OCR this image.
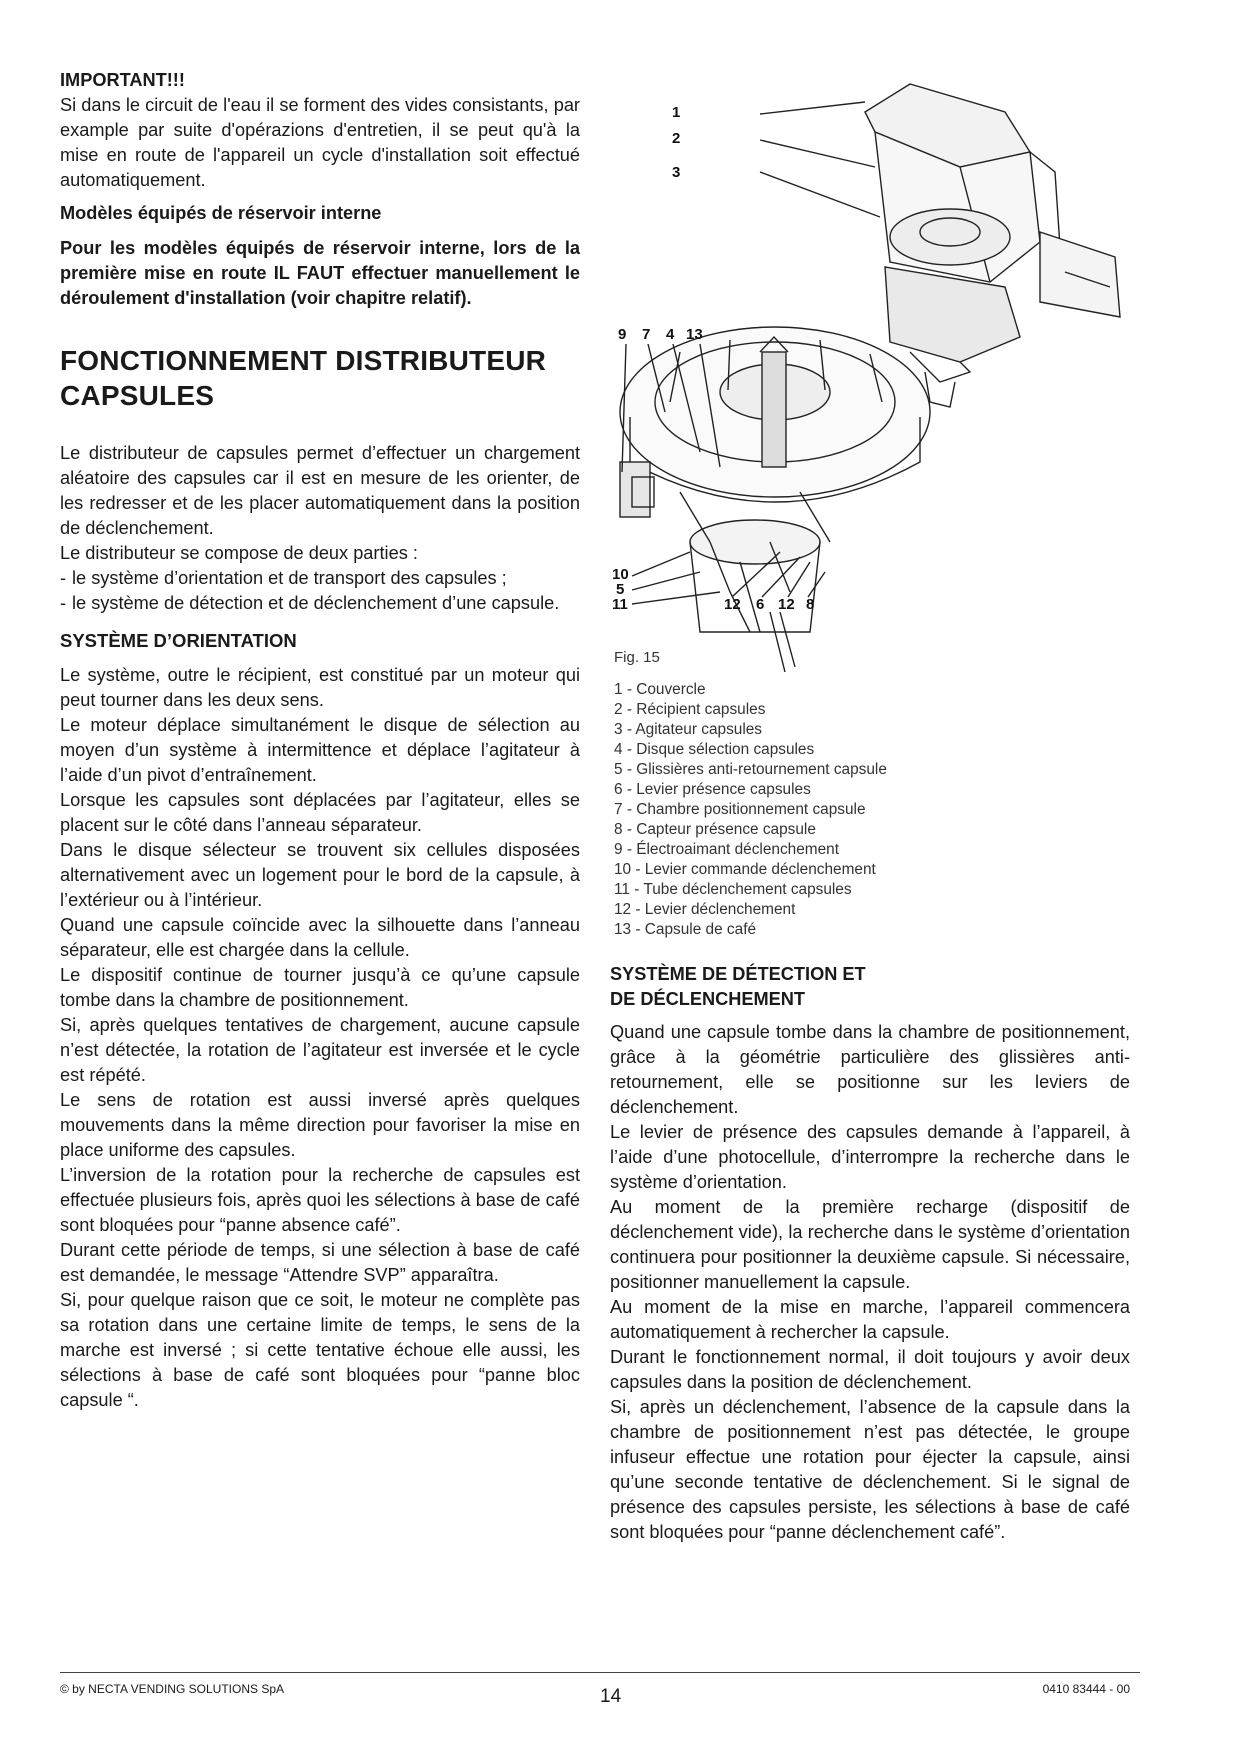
IMPORTANT!!!

Si dans le circuit de l'eau il se forment des vides consistants, par example par suite d'opérazions d'entretien, il se peut qu'à la mise en route de l'appareil un cycle d'installation soit effectué automatiquement.

Modèles équipés de réservoir interne

Pour les modèles équipés de réservoir interne, lors de la première mise en route IL FAUT effectuer manuellement le déroulement d'installation (voir chapitre relatif).

FONCTIONNEMENT DISTRIBUTEUR CAPSULES

Le distributeur de capsules permet d’effectuer un chargement aléatoire des capsules car il est en mesure de les orienter, de les redresser et de les placer automatiquement dans la position de déclenchement.

Le distributeur se compose de deux parties :

- le système d’orientation et de transport des capsules ;
- le système de détection et de déclenchement d’une capsule.
SYSTÈME D’ORIENTATION

Le système, outre le récipient, est constitué par un moteur qui peut tourner dans les deux sens.

Le moteur déplace simultanément le disque de sélection au moyen d’un système à intermittence et déplace l’agitateur à l’aide d’un pivot d’entraînement.

Lorsque les capsules sont déplacées par l’agitateur, elles se placent sur le côté dans l’anneau séparateur.

Dans le disque sélecteur se trouvent six cellules disposées alternativement avec un logement pour le bord de la capsule, à l’extérieur ou à l’intérieur.

Quand une capsule coïncide avec la silhouette dans l’anneau séparateur, elle est chargée dans la cellule.

Le dispositif continue de tourner jusqu’à ce qu’une capsule tombe dans la chambre de positionnement.

Si, après quelques tentatives de chargement, aucune capsule n’est détectée, la rotation de l’agitateur est inversée et le cycle est répété.

Le sens de rotation est aussi inversé après quelques mouvements dans la même direction pour favoriser la mise en place uniforme des capsules.

L’inversion de la rotation pour la recherche de capsules est effectuée plusieurs fois, après quoi les sélections à base de café sont bloquées pour “panne absence café”.

Durant cette période de temps, si une sélection à base de café est demandée, le message “Attendre SVP” apparaîtra.

Si, pour quelque raison que ce soit, le moteur ne complète pas sa rotation dans une certaine limite de temps, le sens de la marche est inversé ; si cette tentative échoue elle aussi, les sélections à base de café sont bloquées pour “panne bloc capsule “.

1
2
3
9 7 4 13
10
5
11	12 6 12 8
Fig. 15
1 - Couvercle
2 - Récipient capsules
3 - Agitateur capsules
4 - Disque sélection capsules
5 - Glissières anti-retournement capsule
6 - Levier présence capsules
7 - Chambre positionnement capsule
8 - Capteur présence capsule
9 - Électroaimant déclenchement
10 - Levier commande déclenchement
11 - Tube déclenchement capsules
12 - Levier déclenchement
13 - Capsule de café

SYSTÈME DE DÉTECTION ET

DE DÉCLENCHEMENT

Quand une capsule tombe dans la chambre de positionnement, grâce à la géométrie particulière des glissières anti-retournement, elle se positionne sur les leviers de déclenchement.

Le levier de présence des capsules demande à l’appareil, à l’aide d’une photocellule, d’interrompre la recherche dans le système d’orientation.

Au moment de la première recharge (dispositif de déclenchement vide), la recherche dans le système d’orientation continuera pour positionner la deuxième capsule. Si nécessaire, positionner manuellement la capsule.

Au moment de la mise en marche, l’appareil commencera automatiquement à rechercher la capsule.

Durant le fonctionnement normal, il doit toujours y avoir deux capsules dans la position de déclenchement.

Si, après un déclenchement, l’absence de la capsule dans la chambre de positionnement n’est pas détectée, le groupe infuseur effectue une rotation pour éjecter la capsule, ainsi qu’une seconde tentative de déclenchement. Si le signal de présence des capsules persiste, les sélections à base de café sont bloquées pour “panne déclenchement café”.

© by NECTA VENDING SOLUTIONS SpA	14	0410 83444 - 00
